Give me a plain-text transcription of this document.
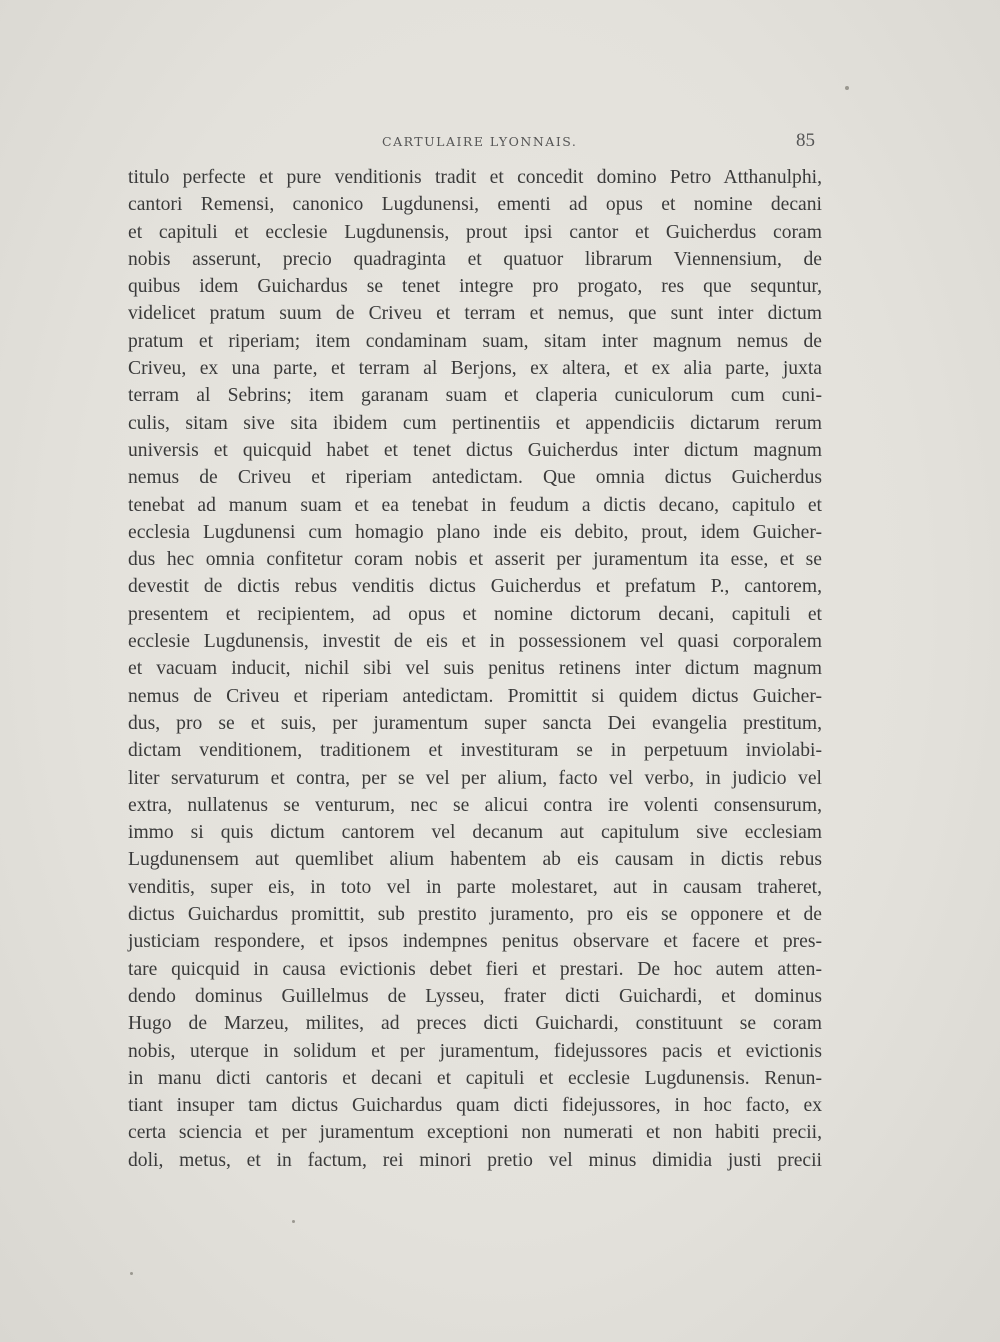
CARTULAIRE LYONNAIS.	85
titulo perfecte et pure venditionis tradit et concedit domino Petro Atthanulphi,
cantori Remensi, canonico Lugdunensi, ementi ad opus et nomine decani
et capituli et ecclesie Lugdunensis, prout ipsi cantor et Guicherdus coram
nobis asserunt, precio quadraginta et quatuor librarum Viennensium, de
quibus idem Guichardus se tenet integre pro progato, res que sequntur,
videlicet pratum suum de Criveu et terram et nemus, que sunt inter dictum
pratum et riperiam; item condaminam suam, sitam inter magnum nemus de
Criveu, ex una parte, et terram al Berjons, ex altera, et ex alia parte, juxta
terram al Sebrins; item garanam suam et claperia cuniculorum cum cuni-
culis, sitam sive sita ibidem cum pertinentiis et appendiciis dictarum rerum
universis et quicquid habet et tenet dictus Guicherdus inter dictum magnum
nemus de Criveu et riperiam antedictam. Que omnia dictus Guicherdus
tenebat ad manum suam et ea tenebat in feudum a dictis decano, capitulo et
ecclesia Lugdunensi cum homagio plano inde eis debito, prout, idem Guicher-
dus hec omnia confitetur coram nobis et asserit per juramentum ita esse, et se
devestit de dictis rebus venditis dictus Guicherdus et prefatum P., cantorem,
presentem et recipientem, ad opus et nomine dictorum decani, capituli et
ecclesie Lugdunensis, investit de eis et in possessionem vel quasi corporalem
et vacuam inducit, nichil sibi vel suis penitus retinens inter dictum magnum
nemus de Criveu et riperiam antedictam. Promittit si quidem dictus Guicher-
dus, pro se et suis, per juramentum super sancta Dei evangelia prestitum,
dictam venditionem, traditionem et investituram se in perpetuum inviolabi-
liter servaturum et contra, per se vel per alium, facto vel verbo, in judicio vel
extra, nullatenus se venturum, nec se alicui contra ire volenti consensurum,
immo si quis dictum cantorem vel decanum aut capitulum sive ecclesiam
Lugdunensem aut quemlibet alium habentem ab eis causam in dictis rebus
venditis, super eis, in toto vel in parte molestaret, aut in causam traheret,
dictus Guichardus promittit, sub prestito juramento, pro eis se opponere et de
justiciam respondere, et ipsos indempnes penitus observare et facere et pres-
tare quicquid in causa evictionis debet fieri et prestari. De hoc autem atten-
dendo dominus Guillelmus de Lysseu, frater dicti Guichardi, et dominus
Hugo de Marzeu, milites, ad preces dicti Guichardi, constituunt se coram
nobis, uterque in solidum et per juramentum, fidejussores pacis et evictionis
in manu dicti cantoris et decani et capituli et ecclesie Lugdunensis. Renun-
tiant insuper tam dictus Guichardus quam dicti fidejussores, in hoc facto, ex
certa sciencia et per juramentum exceptioni non numerati et non habiti precii,
doli, metus, et in factum, rei minori pretio vel minus dimidia justi precii
